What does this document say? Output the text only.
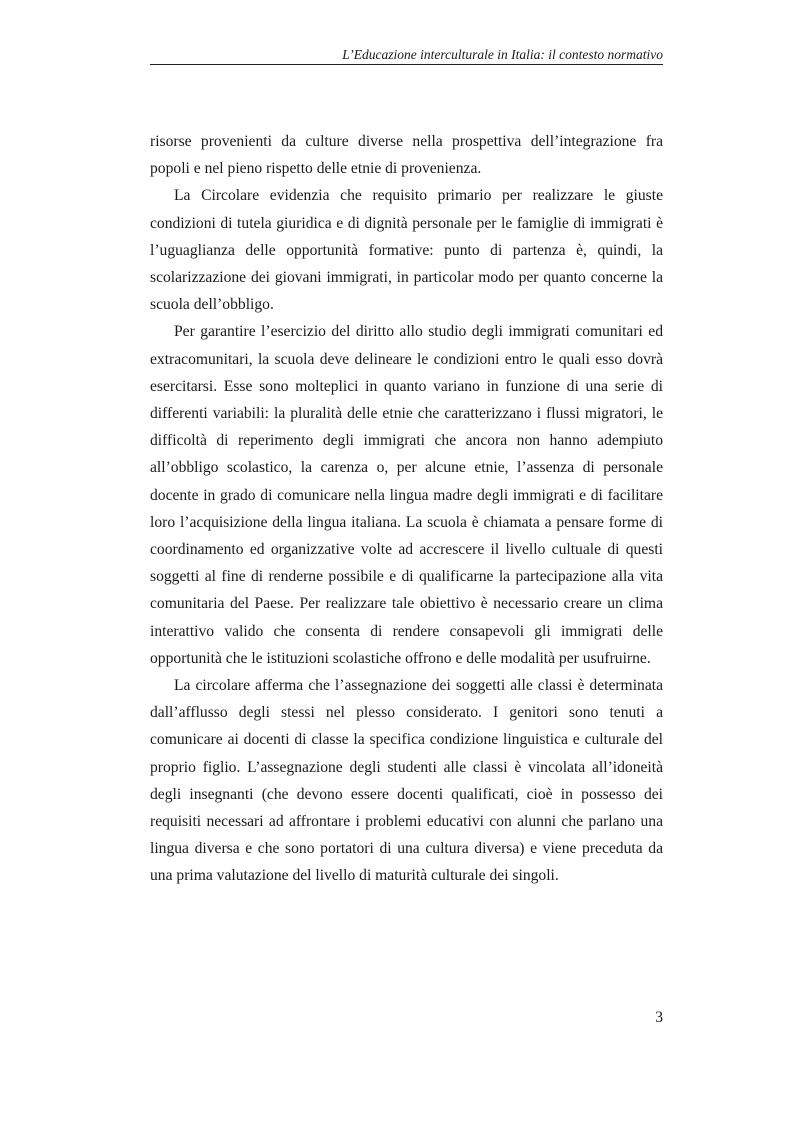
L’Educazione interculturale in Italia: il contesto normativo

risorse provenienti da culture diverse nella prospettiva dell’integrazione fra popoli e nel pieno rispetto delle etnie di provenienza.

La Circolare evidenzia che requisito primario per realizzare le giuste condizioni di tutela giuridica e di dignità personale per le famiglie di immigrati è l’uguaglianza delle opportunità formative: punto di partenza è, quindi, la scolarizzazione dei giovani immigrati, in particolar modo per quanto concerne la scuola dell’obbligo.

Per garantire l’esercizio del diritto allo studio degli immigrati comunitari ed extracomunitari, la scuola deve delineare le condizioni entro le quali esso dovrà esercitarsi. Esse sono molteplici in quanto variano in funzione di una serie di differenti variabili: la pluralità delle etnie che caratterizzano i flussi migratori, le difficoltà di reperimento degli immigrati che ancora non hanno adempiuto all’obbligo scolastico, la carenza o, per alcune etnie, l’assenza di personale docente in grado di comunicare nella lingua madre degli immigrati e di facilitare loro l’acquisizione della lingua italiana. La scuola è chiamata a pensare forme di coordinamento ed organizzative volte ad accrescere il livello cultuale di questi soggetti al fine di renderne possibile e di qualificarne la partecipazione alla vita comunitaria del Paese. Per realizzare tale obiettivo è necessario creare un clima interattivo valido che consenta di rendere consapevoli gli immigrati delle opportunità che le istituzioni scolastiche offrono e delle modalità per usufruirne.

La circolare afferma che l’assegnazione dei soggetti alle classi è determinata dall’afflusso degli stessi nel plesso considerato. I genitori sono tenuti a comunicare ai docenti di classe la specifica condizione linguistica e culturale del proprio figlio. L’assegnazione degli studenti alle classi è vincolata all’idoneità degli insegnanti (che devono essere docenti qualificati, cioè in possesso dei requisiti necessari ad affrontare i problemi educativi con alunni che parlano una lingua diversa e che sono portatori di una cultura diversa) e viene preceduta da una prima valutazione del livello di maturità culturale dei singoli.

3
